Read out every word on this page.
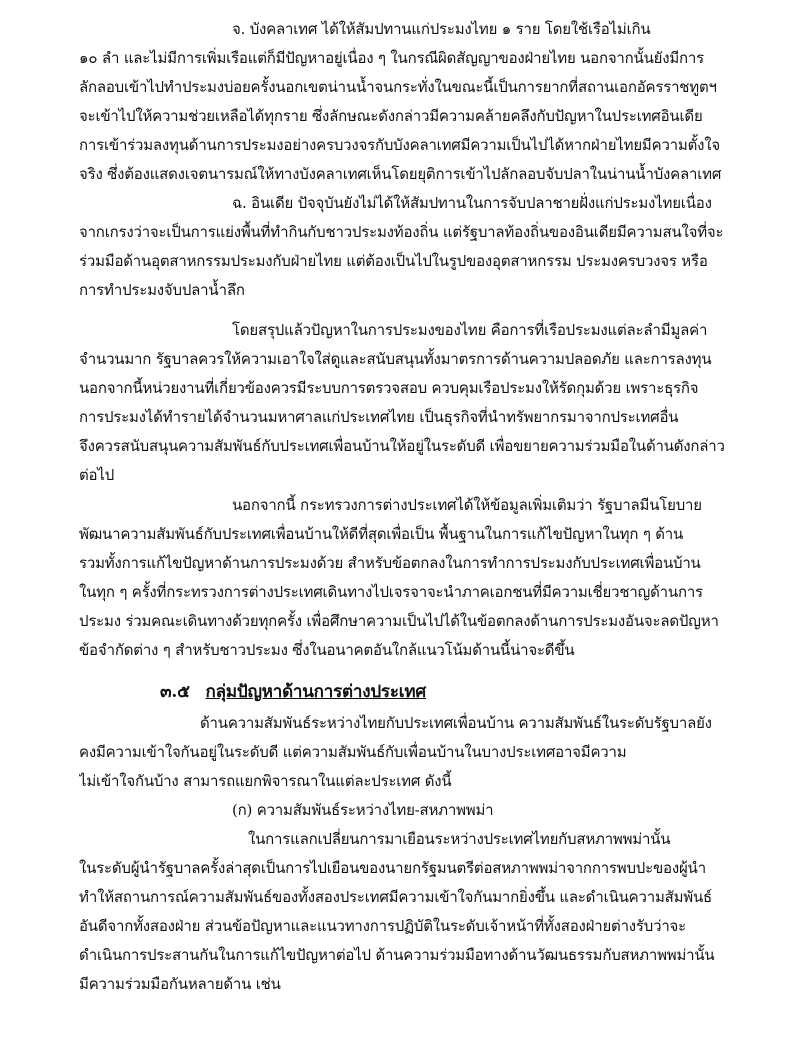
๓.๕ กลุ่มปัญหาด้านการต่างประเทศ
จ. บังคลาเทศ ได้ให้สัมปทานแก่ประมงไทย ๑ ราย โดยใช้เรือไม่เกิน
๑๐ ลำ และไม่มีการเพิ่มเรือแต่ก็มีปัญหาอยู่เนื่อง ๆ ในกรณีผิดสัญญาของฝ่ายไทย นอกจากนั้นยังมีการ
ลักลอบเข้าไปทำประมงบ่อยครั้งนอกเขตน่านน้ำจนกระทั่งในขณะนี้เป็นการยากที่สถานเอกอัครราชทูตฯ
จะเข้าไปให้ความช่วยเหลือได้ทุกราย ซึ่งลักษณะดังกล่าวมีความคล้ายคลึงกับปัญหาในประเทศอินเดีย
การเข้าร่วมลงทุนด้านการประมงอย่างครบวงจรกับบังคลาเทศมีความเป็นไปได้หากฝ่ายไทยมีความตั้งใจ
จริง ซึ่งต้องแสดงเจตนารมณ์ให้ทางบังคลาเทศเห็นโดยยุติการเข้าไปลักลอบจับปลาในน่านน้ำบังคลาเทศ
ฉ. อินเดีย ปัจจุบันยังไม่ได้ให้สัมปทานในการจับปลาชายฝั่งแก่ประมงไทยเนื่อง
จากเกรงว่าจะเป็นการแย่งพื้นที่ทำกินกับชาวประมงท้องถิ่น แต่รัฐบาลท้องถิ่นของอินเดียมีความสนใจที่จะ
ร่วมมือด้านอุตสาหกรรมประมงกับฝ่ายไทย แต่ต้องเป็นไปในรูปของอุตสาหกรรม ประมงครบวงจร หรือ
การทำประมงจับปลาน้ำลึก
โดยสรุปแล้วปัญหาในการประมงของไทย คือการที่เรือประมงแต่ละลำมีมูลค่า
จำนวนมาก รัฐบาลควรให้ความเอาใจใส่ดูและสนับสนุนทั้งมาตรการด้านความปลอดภัย และการลงทุน
นอกจากนี้หน่วยงานที่เกี่ยวข้องควรมีระบบการตรวจสอบ ควบคุมเรือประมงให้รัดกุมด้วย เพราะธุรกิจ
การประมงได้ทำรายได้จำนวนมหาศาลแก่ประเทศไทย เป็นธุรกิจที่นำทรัพยากรมาจากประเทศอื่น
จึงควรสนับสนุนความสัมพันธ์กับประเทศเพื่อนบ้านให้อยู่ในระดับดี เพื่อขยายความร่วมมือในด้านดังกล่าว
ต่อไป
นอกจากนี้ กระทรวงการต่างประเทศได้ให้ข้อมูลเพิ่มเติมว่า รัฐบาลมีนโยบาย
พัฒนาความสัมพันธ์กับประเทศเพื่อนบ้านให้ดีที่สุดเพื่อเป็น พื้นฐานในการแก้ไขปัญหาในทุก ๆ ด้าน
รวมทั้งการแก้ไขปัญหาด้านการประมงด้วย สำหรับข้อตกลงในการทำการประมงกับประเทศเพื่อนบ้าน
ในทุก ๆ ครั้งที่กระทรวงการต่างประเทศเดินทางไปเจรจาจะนำภาคเอกชนที่มีความเชี่ยวชาญด้านการ
ประมง ร่วมคณะเดินทางด้วยทุกครั้ง เพื่อศึกษาความเป็นไปได้ในข้อตกลงด้านการประมงอันจะลดปัญหา
ข้อจำกัดต่าง ๆ สำหรับชาวประมง ซึ่งในอนาคตอันใกล้แนวโน้มด้านนี้น่าจะดีขึ้น
ด้านความสัมพันธ์ระหว่างไทยกับประเทศเพื่อนบ้าน ความสัมพันธ์ในระดับรัฐบาลยัง
คงมีความเข้าใจกันอยู่ในระดับดี แต่ความสัมพันธ์กับเพื่อนบ้านในบางประเทศอาจมีความ
ไม่เข้าใจกันบ้าง สามารถแยกพิจารณาในแต่ละประเทศ ดังนี้
(ก) ความสัมพันธ์ระหว่างไทย-สหภาพพม่า
ในการแลกเปลี่ยนการมาเยือนระหว่างประเทศไทยกับสหภาพพม่านั้น
ในระดับผู้นำรัฐบาลครั้งล่าสุดเป็นการไปเยือนของนายกรัฐมนตรีต่อสหภาพพม่าจากการพบปะของผู้นำ
ทำให้สถานการณ์ความสัมพันธ์ของทั้งสองประเทศมีความเข้าใจกันมากยิ่งขึ้น และดำเนินความสัมพันธ์
อันดีจากทั้งสองฝ่าย ส่วนข้อปัญหาและแนวทางการปฏิบัติในระดับเจ้าหน้าที่ทั้งสองฝ่ายต่างรับว่าจะ
ดำเนินการประสานกันในการแก้ไขปัญหาต่อไป ด้านความร่วมมือทางด้านวัฒนธรรมกับสหภาพพม่านั้น
มีความร่วมมือกันหลายด้าน เช่น
